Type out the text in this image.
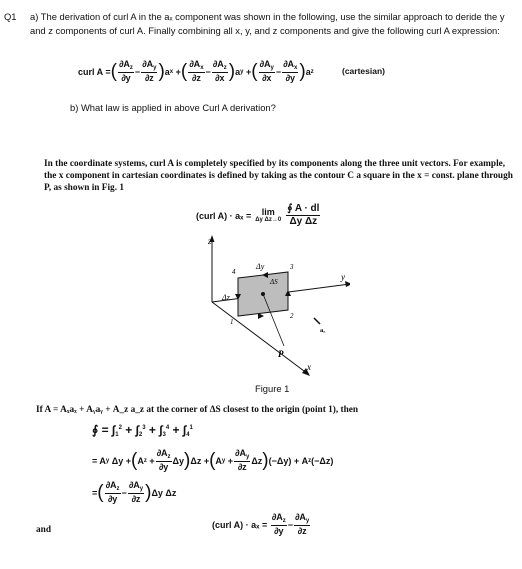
Q1 a) The derivation of curl A in the aₓ component was shown in the following, use the similar approach to deride the y and z components of curl A. Finally combining all x, y, and z components and give the following curl A expression:
curl A = ( $\frac{\partial A_z}{\partial y} - \frac{\partial A_y}{\partial z}$ ) a x + ( $\frac{\partial A_x}{\partial z} - \frac{\partial A_z}{\partial x}$ ) a y + ( $\frac{\partial A_y}{\partial x} - \frac{\partial A_x}{\partial y}$ ) a z	(cartesian)
b) What law is applied in above Curl A derivation?
In the coordinate systems, curl A is completely specified by its components along the three unit vectors. For example, the x component in cartesian coordinates is defined by taking as the contour C a square in the x = const. plane through P, as shown in Fig. 1
(curl A) · aₓ = lim
Δy $\Delta z\to 0 \frac{∮ A \cdot dl}{\text{Δy Δz}}$
z
y
x
P
Δy
Δz
ΔS
1
2
3
4
aₓ
Figure 1
If A = Aₓaₓ + Aᵧaᵧ + A_z a_z at the corner of ΔS closest to the origin (point 1), then
∮ = $\int_1^2 + \int_2^3 + \int_3^4 + \int_4^1$
= A y Δy + ( A $z + \frac{\partial A_z}{\partial y}$ Δy ) Δz + ( A $y + \frac{\partial A_y}{\partial z}$ Δz ) (−Δy) + A z (−Δz)
= ( $\frac{\partial A_z}{\partial y} - \frac{\partial A_y}{\partial z}$ ) Δy Δz
and
(curl A) · aₓ =
$\frac{\partial A_z}{\partial y} - \frac{\partial A_y}{\partial z}$
